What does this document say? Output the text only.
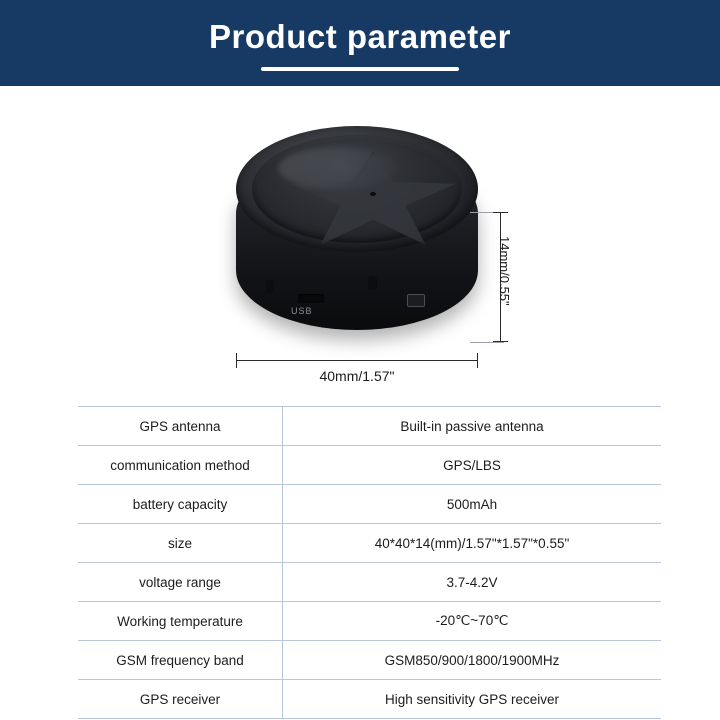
Product parameter
USB
14mm/0.55"
40mm/1.57"
GPS antenna	Built-in passive antenna
communication method	GPS/LBS
battery capacity	500mAh
size	40*40*14(mm)/1.57"*1.57"*0.55"
voltage range	3.7-4.2V
Working temperature	-20℃~70℃
GSM frequency band	GSM850/900/1800/1900MHz
GPS receiver	High sensitivity GPS receiver
